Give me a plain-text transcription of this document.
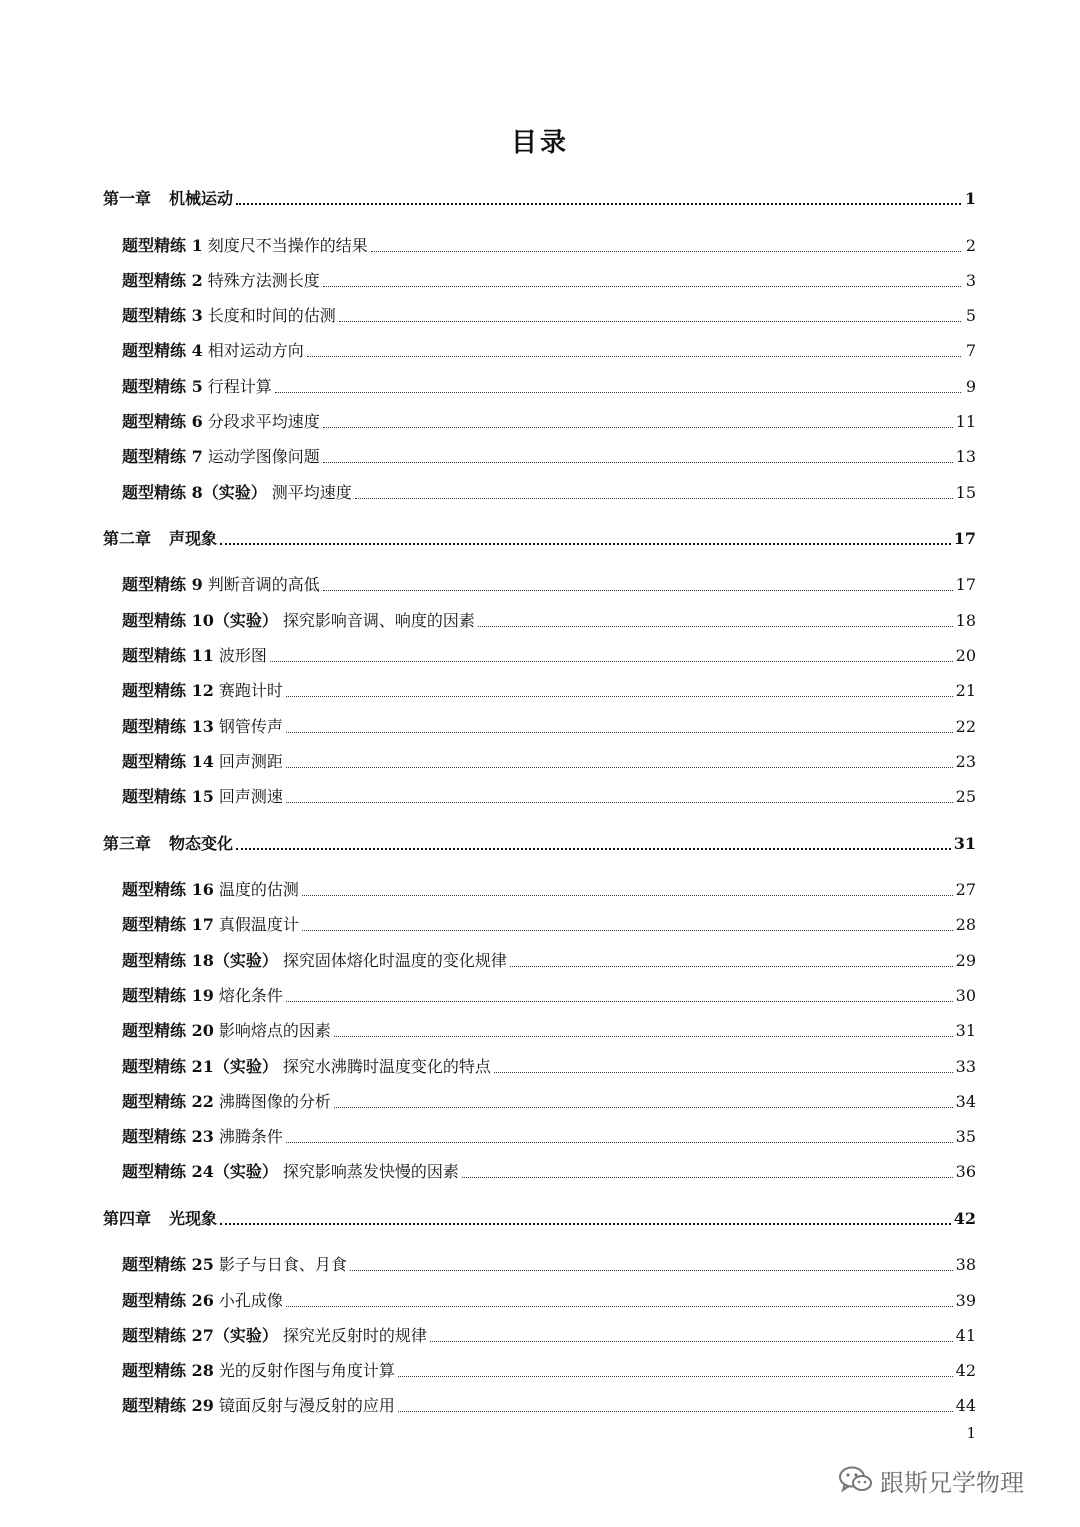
目录
第一章 机械运动	1
题型精练 1 刻度尺不当操作的结果	2
题型精练 2 特殊方法测长度	3
题型精练 3 长度和时间的估测	5
题型精练 4 相对运动方向	7
题型精练 5 行程计算	9
题型精练 6 分段求平均速度	11
题型精练 7 运动学图像问题	13
题型精练 8（实验） 测平均速度	15
第二章 声现象	17
题型精练 9 判断音调的高低	17
题型精练 10（实验） 探究影响音调、响度的因素	18
题型精练 11 波形图	20
题型精练 12 赛跑计时	21
题型精练 13 钢管传声	22
题型精练 14 回声测距	23
题型精练 15 回声测速	25
第三章 物态变化	31
题型精练 16 温度的估测	27
题型精练 17 真假温度计	28
题型精练 18（实验） 探究固体熔化时温度的变化规律	29
题型精练 19 熔化条件	30
题型精练 20 影响熔点的因素	31
题型精练 21（实验） 探究水沸腾时温度变化的特点	33
题型精练 22 沸腾图像的分析	34
题型精练 23 沸腾条件	35
题型精练 24（实验） 探究影响蒸发快慢的因素	36
第四章 光现象	42
题型精练 25 影子与日食、月食	38
题型精练 26 小孔成像	39
题型精练 27（实验） 探究光反射时的规律	41
题型精练 28 光的反射作图与角度计算	42
题型精练 29 镜面反射与漫反射的应用	44
1
跟斯兄学物理
